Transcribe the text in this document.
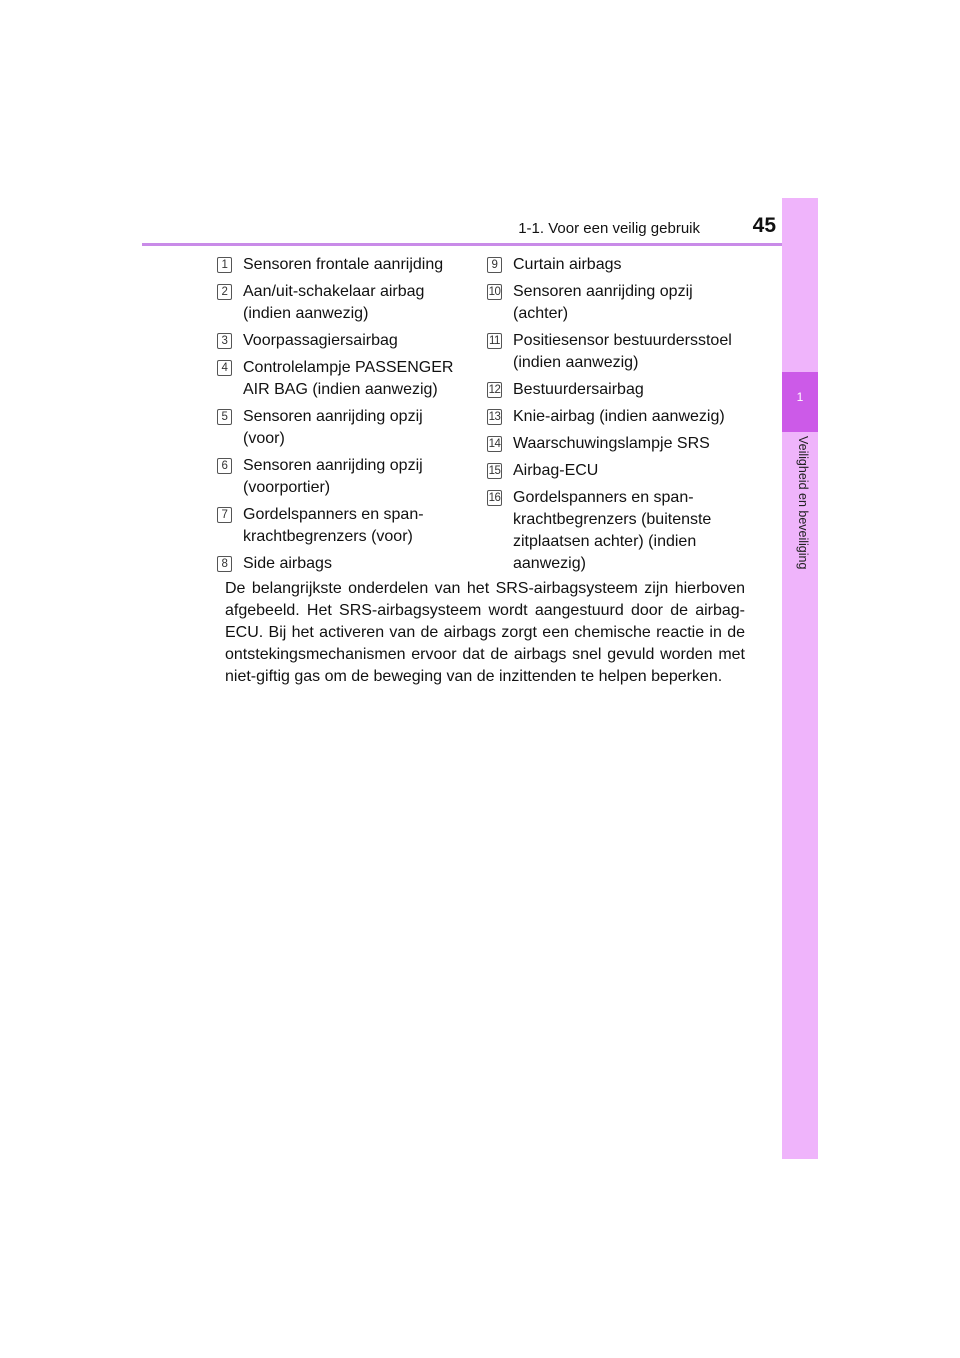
1-1. Voor een veilig gebruik	45
1
Veiligheid en beveiliging
1 Sensoren frontale aanrijding
2 Aan/uit-schakelaar airbag (indien aanwezig)
3 Voorpassagiersairbag
4 Controlelampje PASSENGER AIR BAG (indien aanwezig)
5 Sensoren aanrijding opzij (voor)
6 Sensoren aanrijding opzij (voorportier)
7 Gordelspanners en spankrachtbegrenzers (voor)
8 Side airbags
9 Curtain airbags
10 Sensoren aanrijding opzij (achter)
11 Positiesensor bestuurdersstoel (indien aanwezig)
12 Bestuurdersairbag
13 Knie-airbag (indien aanwezig)
14 Waarschuwingslampje SRS
15 Airbag-ECU
16 Gordelspanners en spankrachtbegrenzers (buitenste zitplaatsen achter) (indien aanwezig)
De belangrijkste onderdelen van het SRS-airbagsysteem zijn hierboven afgebeeld. Het SRS-airbagsysteem wordt aangestuurd door de airbag-ECU. Bij het activeren van de airbags zorgt een chemische reactie in de ontstekingsmechanismen ervoor dat de airbags snel gevuld worden met niet-giftig gas om de beweging van de inzittenden te helpen beperken.
